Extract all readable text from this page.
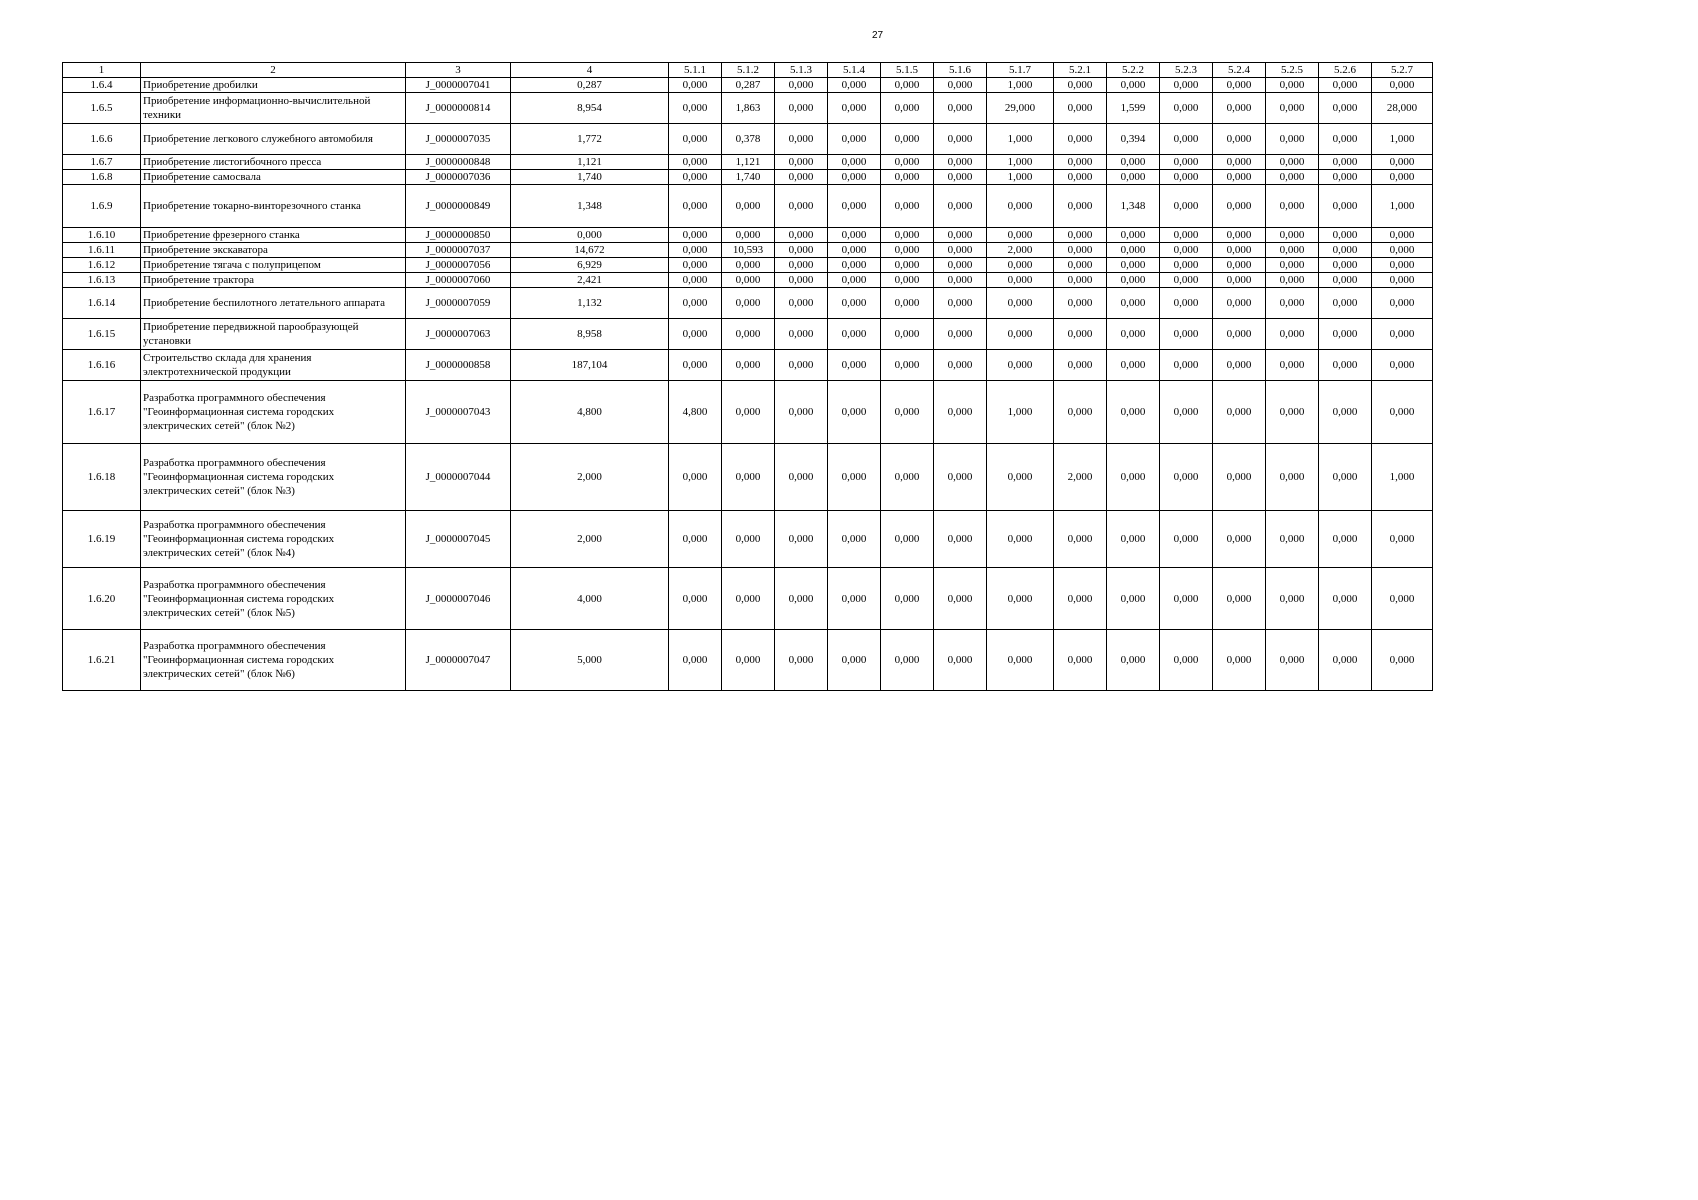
27
1	2	3	4	5.1.1	5.1.2	5.1.3	5.1.4	5.1.5	5.1.6	5.1.7	5.2.1	5.2.2	5.2.3	5.2.4	5.2.5	5.2.6	5.2.7
1.6.4	Приобретение дробилки	J_0000007041	0,287	0,000	0,287	0,000	0,000	0,000	0,000	1,000	0,000	0,000	0,000	0,000	0,000	0,000	0,000
1.6.5	Приобретение информационно-вычислительной техники	J_0000000814	8,954	0,000	1,863	0,000	0,000	0,000	0,000	29,000	0,000	1,599	0,000	0,000	0,000	0,000	28,000
1.6.6	Приобретение легкового служебного автомобиля	J_0000007035	1,772	0,000	0,378	0,000	0,000	0,000	0,000	1,000	0,000	0,394	0,000	0,000	0,000	0,000	1,000
1.6.7	Приобретение листогибочного пресса	J_0000000848	1,121	0,000	1,121	0,000	0,000	0,000	0,000	1,000	0,000	0,000	0,000	0,000	0,000	0,000	0,000
1.6.8	Приобретение самосвала	J_0000007036	1,740	0,000	1,740	0,000	0,000	0,000	0,000	1,000	0,000	0,000	0,000	0,000	0,000	0,000	0,000
1.6.9	Приобретение токарно-винторезочного станка	J_0000000849	1,348	0,000	0,000	0,000	0,000	0,000	0,000	0,000	0,000	1,348	0,000	0,000	0,000	0,000	1,000
1.6.10	Приобретение фрезерного станка	J_0000000850	0,000	0,000	0,000	0,000	0,000	0,000	0,000	0,000	0,000	0,000	0,000	0,000	0,000	0,000	0,000
1.6.11	Приобретение экскаватора	J_0000007037	14,672	0,000	10,593	0,000	0,000	0,000	0,000	2,000	0,000	0,000	0,000	0,000	0,000	0,000	0,000
1.6.12	Приобретение тягача с полуприцепом	J_0000007056	6,929	0,000	0,000	0,000	0,000	0,000	0,000	0,000	0,000	0,000	0,000	0,000	0,000	0,000	0,000
1.6.13	Приобретение трактора	J_0000007060	2,421	0,000	0,000	0,000	0,000	0,000	0,000	0,000	0,000	0,000	0,000	0,000	0,000	0,000	0,000
1.6.14	Приобретение беспилотного летательного аппарата	J_0000007059	1,132	0,000	0,000	0,000	0,000	0,000	0,000	0,000	0,000	0,000	0,000	0,000	0,000	0,000	0,000
1.6.15	Приобретение передвижной парообразующей установки	J_0000007063	8,958	0,000	0,000	0,000	0,000	0,000	0,000	0,000	0,000	0,000	0,000	0,000	0,000	0,000	0,000
1.6.16	Строительство склада для хранения электротехнической продукции	J_0000000858	187,104	0,000	0,000	0,000	0,000	0,000	0,000	0,000	0,000	0,000	0,000	0,000	0,000	0,000	0,000
1.6.17	Разработка программного обеспечения "Геоинформационная система городских электрических сетей" (блок №2)	J_0000007043	4,800	4,800	0,000	0,000	0,000	0,000	0,000	1,000	0,000	0,000	0,000	0,000	0,000	0,000	0,000
1.6.18	Разработка программного обеспечения "Геоинформационная система городских электрических сетей" (блок №3)	J_0000007044	2,000	0,000	0,000	0,000	0,000	0,000	0,000	0,000	2,000	0,000	0,000	0,000	0,000	0,000	1,000
1.6.19	Разработка программного обеспечения "Геоинформационная система городских электрических сетей" (блок №4)	J_0000007045	2,000	0,000	0,000	0,000	0,000	0,000	0,000	0,000	0,000	0,000	0,000	0,000	0,000	0,000	0,000
1.6.20	Разработка программного обеспечения "Геоинформационная система городских электрических сетей" (блок №5)	J_0000007046	4,000	0,000	0,000	0,000	0,000	0,000	0,000	0,000	0,000	0,000	0,000	0,000	0,000	0,000	0,000
1.6.21	Разработка программного обеспечения "Геоинформационная система городских электрических сетей" (блок №6)	J_0000007047	5,000	0,000	0,000	0,000	0,000	0,000	0,000	0,000	0,000	0,000	0,000	0,000	0,000	0,000	0,000
